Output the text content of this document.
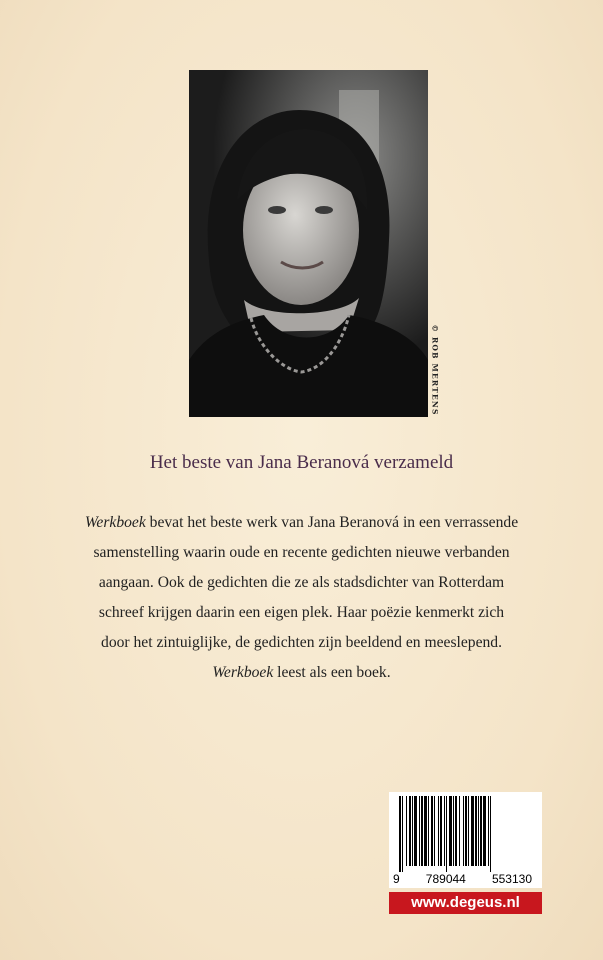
© ROB MERTENS
Het beste van Jana Beranová verzameld

Werkboek bevat het beste werk van Jana Beranová in een verrassende

samenstelling waarin oude en recente gedichten nieuwe verbanden

aangaan. Ook de gedichten die ze als stadsdichter van Rotterdam

schreef krijgen daarin een eigen plek. Haar poëzie kenmerkt zich

door het zintuiglijke, de gedichten zijn beeldend en meeslepend.

Werkboek leest als een boek.

9 789044 553130
www.degeus.nl
